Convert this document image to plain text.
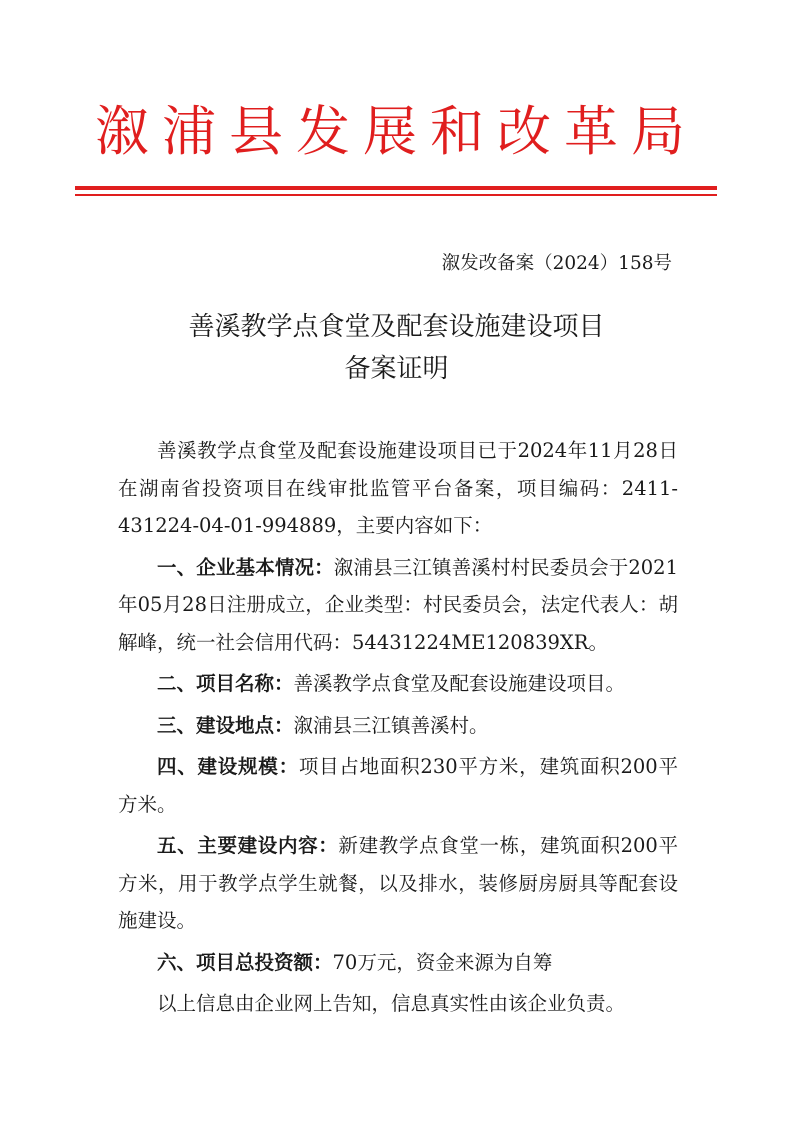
溆浦县发展和改革局
溆发改备案（2024）158号
善溪教学点食堂及配套设施建设项目
备案证明

善溪教学点食堂及配套设施建设项目已于2024年11月28日在湖南省投资项目在线审批监管平台备案，项目编码：2411-431224-04-01-994889，主要内容如下：

一、企业基本情况：溆浦县三江镇善溪村村民委员会于2021年05月28日注册成立，企业类型：村民委员会，法定代表人：胡解峰，统一社会信用代码：54431224ME120839XR。

二、项目名称：善溪教学点食堂及配套设施建设项目。

三、建设地点：溆浦县三江镇善溪村。

四、建设规模：项目占地面积230平方米，建筑面积200平方米。

五、主要建设内容：新建教学点食堂一栋，建筑面积200平方米，用于教学点学生就餐，以及排水，装修厨房厨具等配套设施建设。

六、项目总投资额：70万元，资金来源为自筹

以上信息由企业网上告知，信息真实性由该企业负责。
